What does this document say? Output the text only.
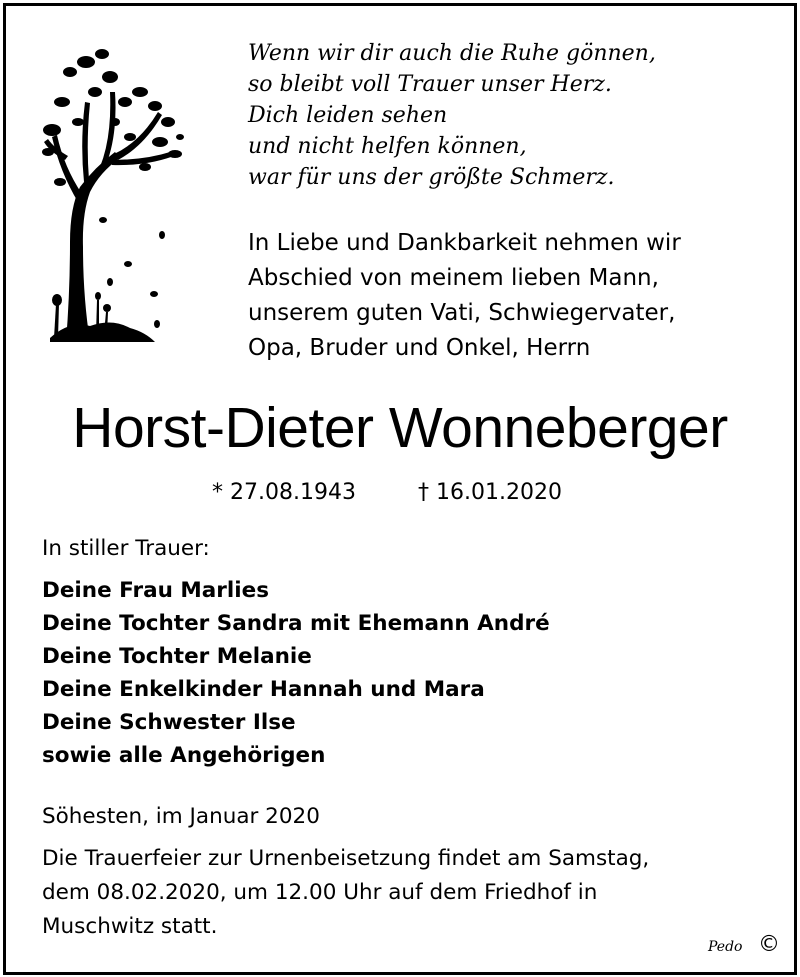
Wenn wir dir auch die Ruhe gönnen,
so bleibt voll Trauer unser Herz.
Dich leiden sehen
und nicht helfen können,
war für uns der größte Schmerz.
In Liebe und Dankbarkeit nehmen wir
Abschied von meinem lieben Mann,
unserem guten Vati, Schwiegervater,
Opa, Bruder und Onkel, Herrn
Horst-Dieter Wonneberger
* 27.08.1943	† 16.01.2020
In stiller Trauer:
Deine Frau Marlies
Deine Tochter Sandra mit Ehemann André
Deine Tochter Melanie
Deine Enkelkinder Hannah und Mara
Deine Schwester Ilse
sowie alle Angehörigen
Söhesten, im Januar 2020
Die Trauerfeier zur Urnenbeisetzung findet am Samstag,
dem 08.02.2020, um 12.00 Uhr auf dem Friedhof in
Muschwitz statt.
Pedo ©
